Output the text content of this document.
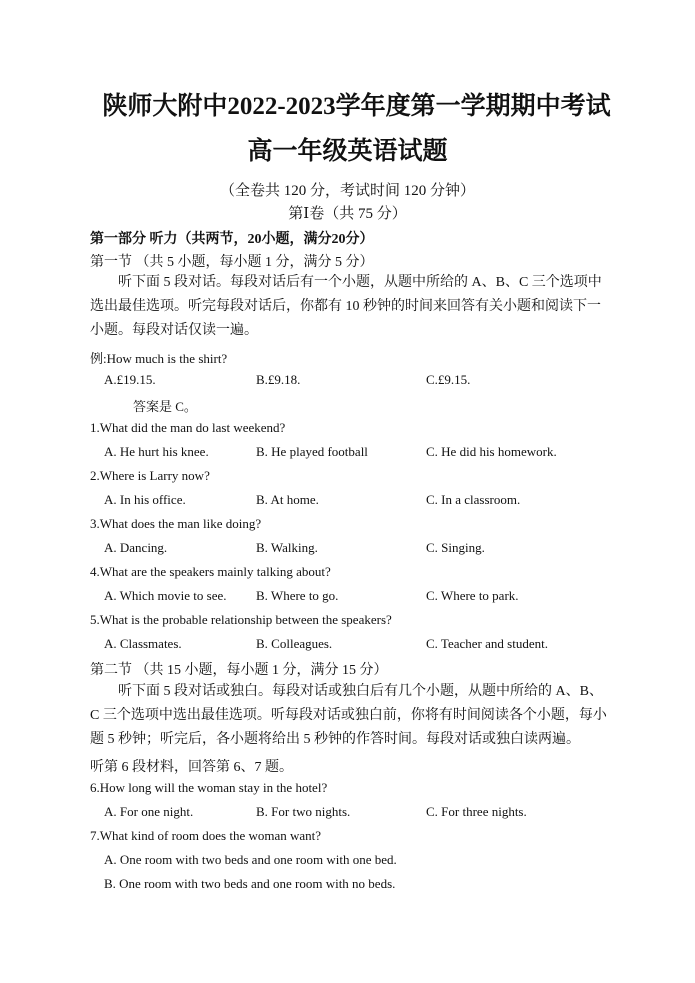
陕师大附中2022-2023学年度第一学期期中考试
高一年级英语试题
（全卷共 120 分，考试时间 120 分钟）
第Ⅰ卷（共 75 分）
第一部分 听力（共两节，20小题，满分20分）
第一节 （共 5 小题，每小题 1 分，满分 5 分）

听下面 5 段对话。每段对话后有一个小题，从题中所给的 A、B、C 三个选项中选出最佳选项。听完每段对话后，你都有 10 秒钟的时间来回答有关小题和阅读下一小题。每段对话仅读一遍。

例:How much is the shirt?
A.£19.15.	B.£9.18.	C.£9.15.
答案是 C。
1.What did the man do last weekend?
A. He hurt his knee.	B. He played football	C. He did his homework.
2.Where is Larry now?
A. In his office.	B. At home.	C. In a classroom.
3.What does the man like doing?
A. Dancing.	B. Walking.	C. Singing.
4.What are the speakers mainly talking about?
A. Which movie to see. B. Where to go.	C. Where to park.
5.What is the probable relationship between the speakers?
A. Classmates.	B. Colleagues.	C. Teacher and student.
第二节 （共 15 小题，每小题 1 分，满分 15 分）

听下面 5 段对话或独白。每段对话或独白后有几个小题，从题中所给的 A、B、C 三个选项中选出最佳选项。听每段对话或独白前，你将有时间阅读各个小题，每小题 5 秒钟；听完后，各小题将给出 5 秒钟的作答时间。每段对话或独白读两遍。

听第 6 段材料，回答第 6、7 题。
6.How long will the woman stay in the hotel?
A. For one night.	B. For two nights.	C. For three nights.
7.What kind of room does the woman want?
A. One room with two beds and one room with one bed.
B. One room with two beds and one room with no beds.
